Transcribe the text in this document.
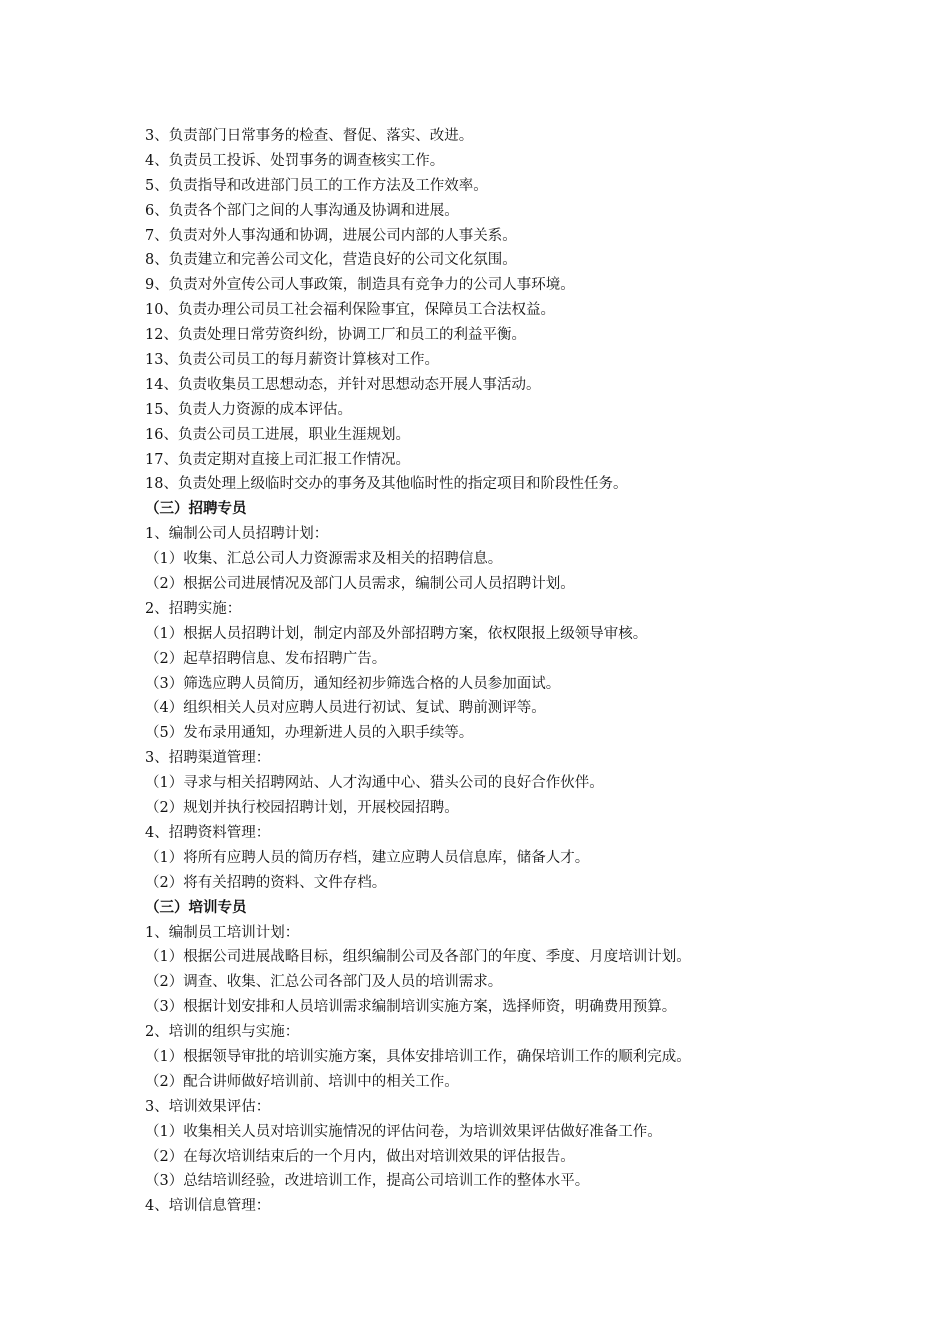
3、负责部门日常事务的检查、督促、落实、改进。
4、负责员工投诉、处罚事务的调查核实工作。
5、负责指导和改进部门员工的工作方法及工作效率。
6、负责各个部门之间的人事沟通及协调和进展。
7、负责对外人事沟通和协调，进展公司内部的人事关系。
8、负责建立和完善公司文化，营造良好的公司文化氛围。
9、负责对外宣传公司人事政策，制造具有竞争力的公司人事环境。
10、负责办理公司员工社会福利保险事宜，保障员工合法权益。
12、负责处理日常劳资纠纷，协调工厂和员工的利益平衡。
13、负责公司员工的每月薪资计算核对工作。
14、负责收集员工思想动态，并针对思想动态开展人事活动。
15、负责人力资源的成本评估。
16、负责公司员工进展，职业生涯规划。
17、负责定期对直接上司汇报工作情况。
18、负责处理上级临时交办的事务及其他临时性的指定项目和阶段性任务。
（三）招聘专员
1、编制公司人员招聘计划：
（1）收集、汇总公司人力资源需求及相关的招聘信息。
（2）根据公司进展情况及部门人员需求，编制公司人员招聘计划。
2、招聘实施：
（1）根据人员招聘计划，制定内部及外部招聘方案，依权限报上级领导审核。
（2）起草招聘信息、发布招聘广告。
（3）筛选应聘人员简历，通知经初步筛选合格的人员参加面试。
（4）组织相关人员对应聘人员进行初试、复试、聘前测评等。
（5）发布录用通知，办理新进人员的入职手续等。
3、招聘渠道管理：
（1）寻求与相关招聘网站、人才沟通中心、猎头公司的良好合作伙伴。
（2）规划并执行校园招聘计划，开展校园招聘。
4、招聘资料管理：
（1）将所有应聘人员的简历存档，建立应聘人员信息库，储备人才。
（2）将有关招聘的资料、文件存档。
（三）培训专员
1、编制员工培训计划：
（1）根据公司进展战略目标，组织编制公司及各部门的年度、季度、月度培训计划。
（2）调查、收集、汇总公司各部门及人员的培训需求。
（3）根据计划安排和人员培训需求编制培训实施方案，选择师资，明确费用预算。
2、培训的组织与实施：
（1）根据领导审批的培训实施方案，具体安排培训工作，确保培训工作的顺利完成。
（2）配合讲师做好培训前、培训中的相关工作。
3、培训效果评估：
（1）收集相关人员对培训实施情况的评估问卷，为培训效果评估做好准备工作。
（2）在每次培训结束后的一个月内，做出对培训效果的评估报告。
（3）总结培训经验，改进培训工作，提高公司培训工作的整体水平。
4、培训信息管理：
